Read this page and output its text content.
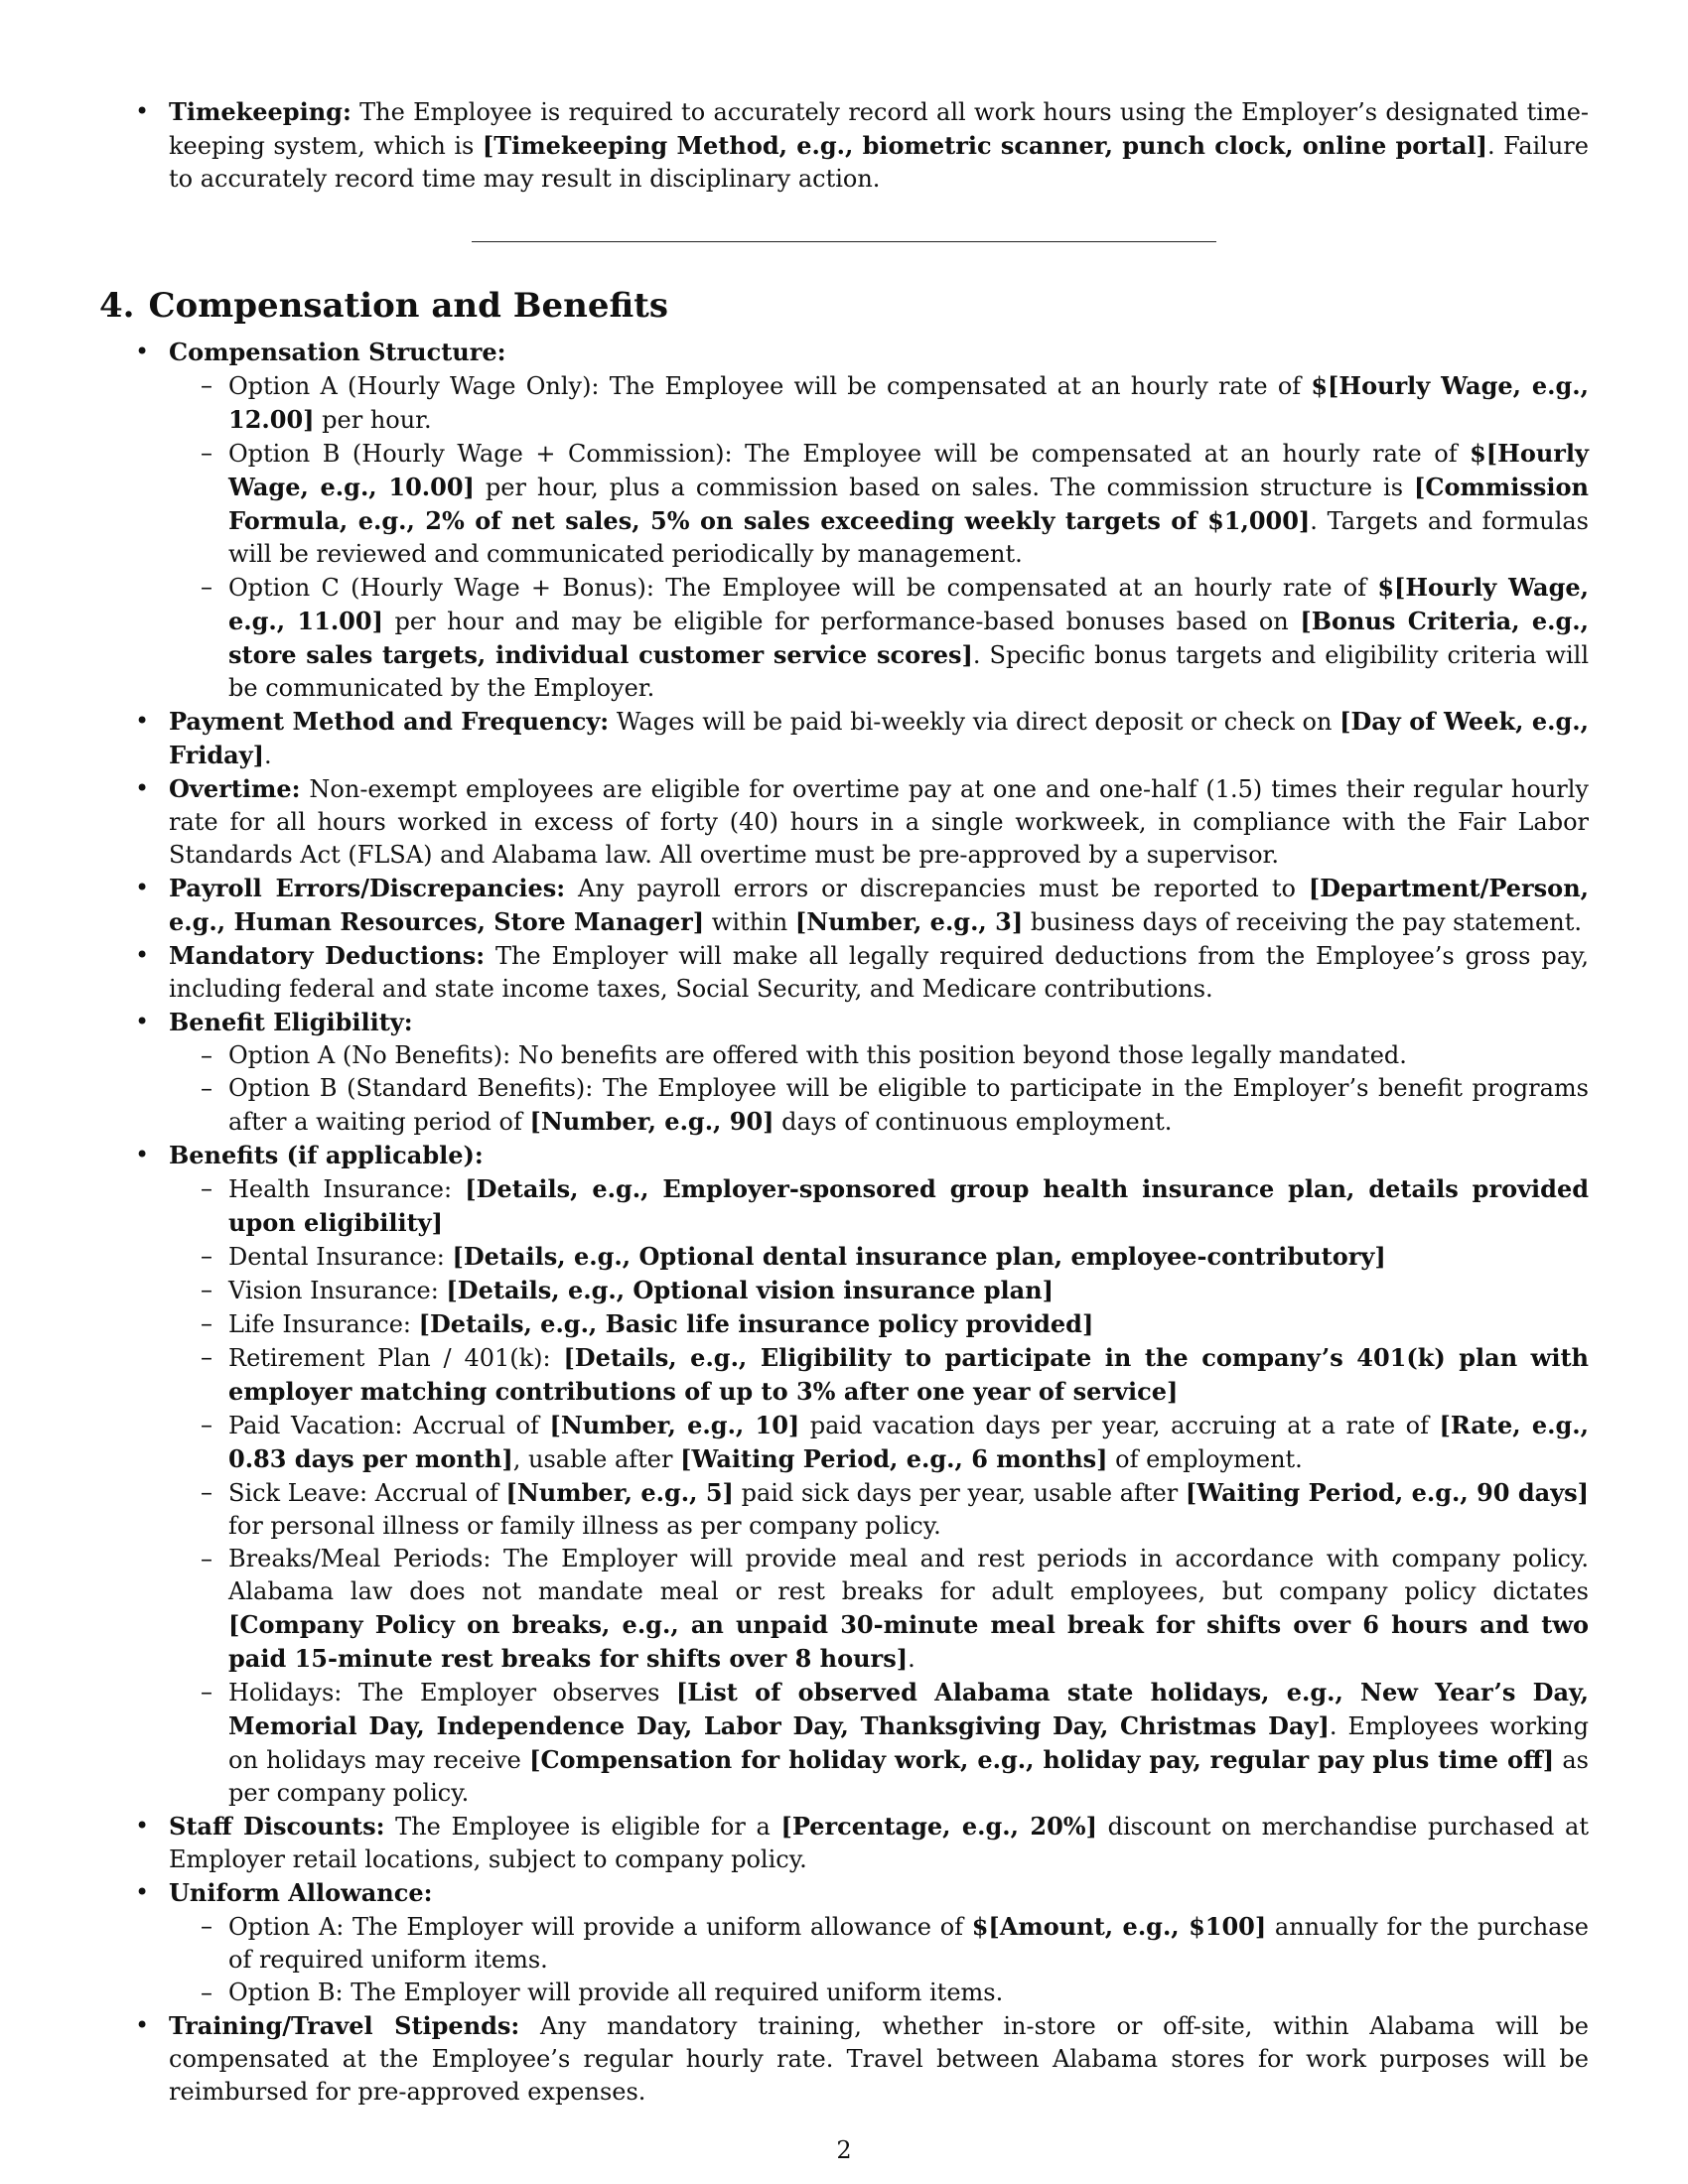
• Timekeeping: The Employee is required to accurately record all work hours using the Employer’s designated time-keeping system, which is [Timekeeping Method, e.g., biometric scanner, punch clock, online portal]. Failure to accurately record time may result in disciplinary action.
4. Compensation and Benefits
• Compensation Structure:
– Option A (Hourly Wage Only): The Employee will be compensated at an hourly rate of $[Hourly Wage, e.g., 12.00] per hour.
– Option B (Hourly Wage + Commission): The Employee will be compensated at an hourly rate of $[Hourly Wage, e.g., 10.00] per hour, plus a commission based on sales. The commission structure is [Commission Formula, e.g., 2% of net sales, 5% on sales exceeding weekly targets of $1,000]. Targets and formulas will be reviewed and communicated periodically by management.
– Option C (Hourly Wage + Bonus): The Employee will be compensated at an hourly rate of $[Hourly Wage, e.g., 11.00] per hour and may be eligible for performance-based bonuses based on [Bonus Criteria, e.g., store sales targets, individual customer service scores]. Specific bonus targets and eligibility criteria will be communicated by the Employer.
• Payment Method and Frequency: Wages will be paid bi-weekly via direct deposit or check on [Day of Week, e.g., Friday].
• Overtime: Non-exempt employees are eligible for overtime pay at one and one-half (1.5) times their regular hourly rate for all hours worked in excess of forty (40) hours in a single workweek, in compliance with the Fair Labor Standards Act (FLSA) and Alabama law. All overtime must be pre-approved by a supervisor.
• Payroll Errors/Discrepancies: Any payroll errors or discrepancies must be reported to [Department/Person, e.g., Human Resources, Store Manager] within [Number, e.g., 3] business days of receiving the pay statement.
• Mandatory Deductions: The Employer will make all legally required deductions from the Employee’s gross pay, including federal and state income taxes, Social Security, and Medicare contributions.
• Benefit Eligibility:
– Option A (No Benefits): No benefits are offered with this position beyond those legally mandated.
– Option B (Standard Benefits): The Employee will be eligible to participate in the Employer’s benefit programs after a waiting period of [Number, e.g., 90] days of continuous employment.
• Benefits (if applicable):
– Health Insurance: [Details, e.g., Employer-sponsored group health insurance plan, details provided upon eligibility]
– Dental Insurance: [Details, e.g., Optional dental insurance plan, employee-contributory]
– Vision Insurance: [Details, e.g., Optional vision insurance plan]
– Life Insurance: [Details, e.g., Basic life insurance policy provided]
– Retirement Plan / 401(k): [Details, e.g., Eligibility to participate in the company’s 401(k) plan with employer matching contributions of up to 3% after one year of service]
– Paid Vacation: Accrual of [Number, e.g., 10] paid vacation days per year, accruing at a rate of [Rate, e.g., 0.83 days per month], usable after [Waiting Period, e.g., 6 months] of employment.
– Sick Leave: Accrual of [Number, e.g., 5] paid sick days per year, usable after [Waiting Period, e.g., 90 days] for personal illness or family illness as per company policy.
– Breaks/Meal Periods: The Employer will provide meal and rest periods in accordance with company policy. Alabama law does not mandate meal or rest breaks for adult employees, but company policy dictates [Company Policy on breaks, e.g., an unpaid 30-minute meal break for shifts over 6 hours and two paid 15-minute rest breaks for shifts over 8 hours].
– Holidays: The Employer observes [List of observed Alabama state holidays, e.g., New Year’s Day, Memorial Day, Independence Day, Labor Day, Thanksgiving Day, Christmas Day]. Employees working on holidays may receive [Compensation for holiday work, e.g., holiday pay, regular pay plus time off] as per company policy.
• Staff Discounts: The Employee is eligible for a [Percentage, e.g., 20%] discount on merchandise purchased at Employer retail locations, subject to company policy.
• Uniform Allowance:
– Option A: The Employer will provide a uniform allowance of $[Amount, e.g., $100] annually for the purchase of required uniform items.
– Option B: The Employer will provide all required uniform items.
• Training/Travel Stipends: Any mandatory training, whether in-store or off-site, within Alabama will be compensated at the Employee’s regular hourly rate. Travel between Alabama stores for work purposes will be reimbursed for pre-approved expenses.
2
